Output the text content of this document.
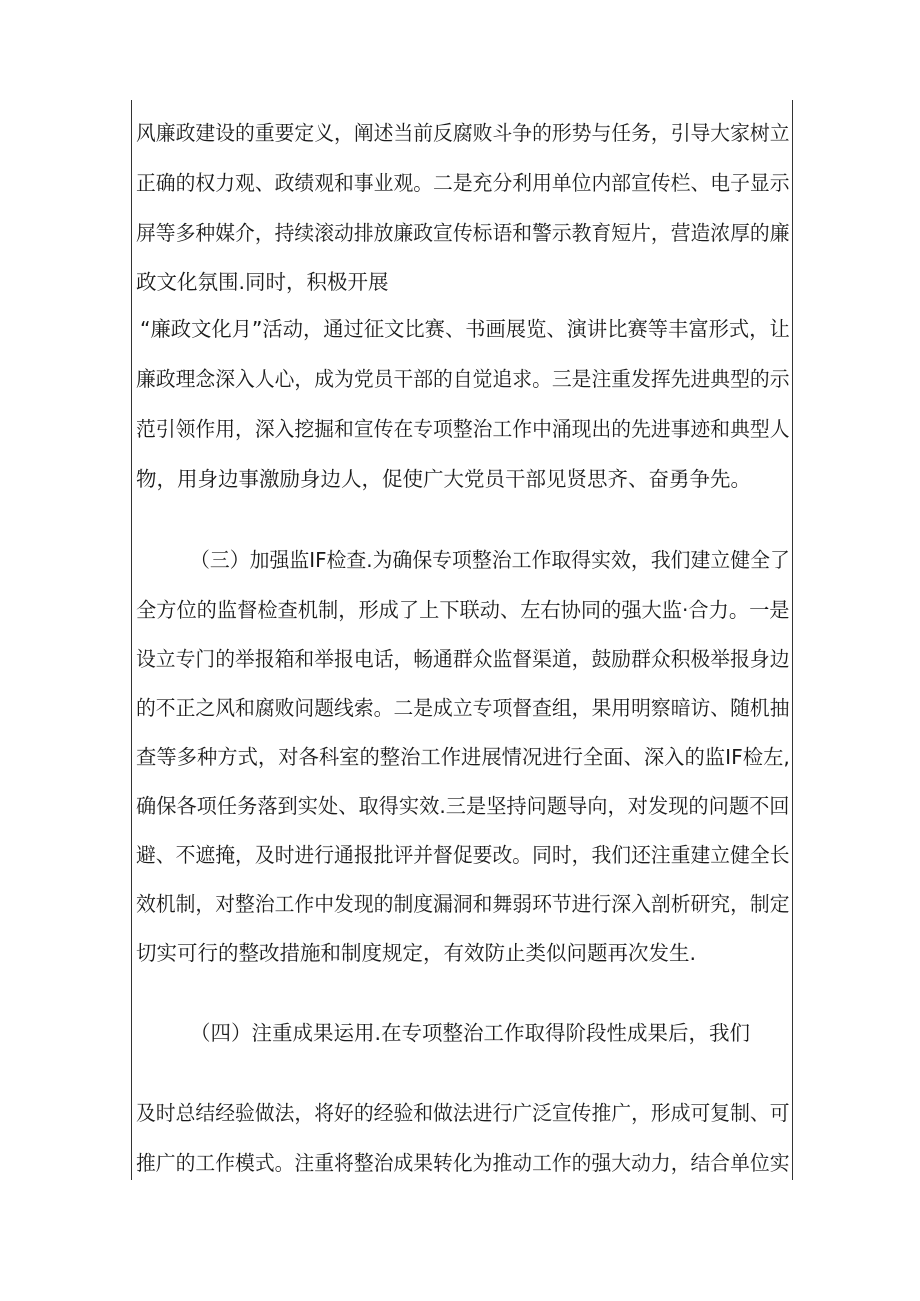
风廉政建设的重要定义，阐述当前反腐败斗争的形势与任务，引导大家树立
正确的权力观、政绩观和事业观。二是充分利用单位内部宣传栏、电子显示
屏等多种媒介，持续滚动排放廉政宣传标语和警示教育短片，营造浓厚的廉
政文化氛围.同时，积极开展
“廉政文化月”活动，通过征文比赛、书画展览、演讲比赛等丰富形式，让
廉政理念深入人心，成为党员干部的自觉追求。三是注重发挥先进典型的示
范引领作用，深入挖掘和宣传在专项整治工作中涌现出的先进事迹和典型人
物，用身边事激励身边人，促使广大党员干部见贤思齐、奋勇争先。
（三）加强监IF检查.为确保专项整治工作取得实效，我们建立健全了
全方位的监督检查机制，形成了上下联动、左右协同的强大监·合力。一是
设立专门的举报箱和举报电话，畅通群众监督渠道，鼓励群众积极举报身边
的不正之风和腐败问题线索。二是成立专项督查组，果用明察暗访、随机抽
查等多种方式，对各科室的整治工作进展情况进行全面、深入的监IF检左,
确保各项任务落到实处、取得实效.三是坚持问题导向，对发现的问题不回
避、不遮掩，及时进行通报批评并督促要改。同时，我们还注重建立健全长
效机制，对整治工作中发现的制度漏洞和舞弱环节进行深入剖析研究，制定
切实可行的整改措施和制度规定，有效防止类似问题再次发生.
（四）注重成果运用.在专项整治工作取得阶段性成果后，我们
及时总结经验做法，将好的经验和做法进行广泛宣传推广，形成可复制、可
推广的工作模式。注重将整治成果转化为推动工作的强大动力，结合单位实
